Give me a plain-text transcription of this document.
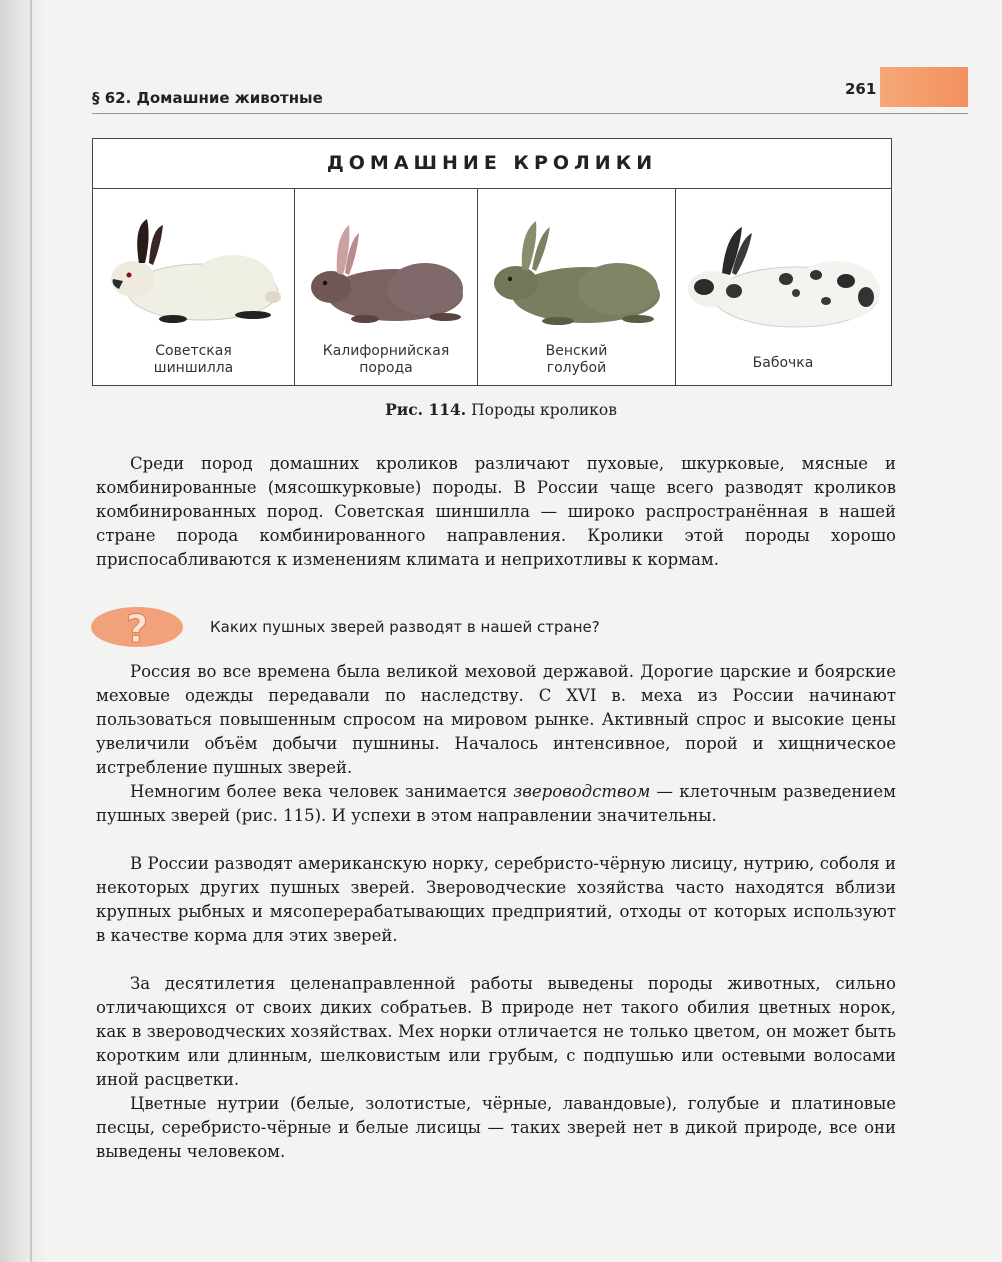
§ 62. Домашние животные	261
ДОМАШНИЕ КРОЛИКИ
Советская
шиншилла
Калифорнийская
порода
Венский
голубой	Бабочка
Рис. 114. Породы кроликов

Среди пород домашних кроликов различают пуховые, шкурковые, мясные и комбинированные (мясошкурковые) породы. В России чаще всего разводят кроликов комбинированных пород. Советская шиншилла — широко распространённая в нашей стране порода комбинированного направления. Кролики этой породы хорошо приспосабливаются к изменениям климата и неприхотливы к кормам.

?	Каких пушных зверей разводят в нашей стране?

Россия во все времена была великой меховой державой. Дорогие царские и боярские меховые одежды передавали по наследству. С XVI в. меха из России начинают пользоваться повышенным спросом на мировом рынке. Активный спрос и высокие цены увеличили объём добычи пушнины. Началось интенсивное, порой и хищническое истребление пушных зверей.

Немногим более века человек занимается звероводством — клеточным разведением пушных зверей (рис. 115). И успехи в этом направлении значительны.

В России разводят американскую норку, серебристо-чёрную лисицу, нутрию, соболя и некоторых других пушных зверей. Звероводческие хозяйства часто находятся вблизи крупных рыбных и мясоперерабатывающих предприятий, отходы от которых используют в качестве корма для этих зверей.

За десятилетия целенаправленной работы выведены породы животных, сильно отличающихся от своих диких собратьев. В природе нет такого обилия цветных норок, как в звероводческих хозяйствах. Мех норки отличается не только цветом, он может быть коротким или длинным, шелковистым или грубым, с подпушью или остевыми волосами иной расцветки.

Цветные нутрии (белые, золотистые, чёрные, лавандовые), голубые и платиновые песцы, серебристо-чёрные и белые лисицы — таких зверей нет в дикой природе, все они выведены человеком.
